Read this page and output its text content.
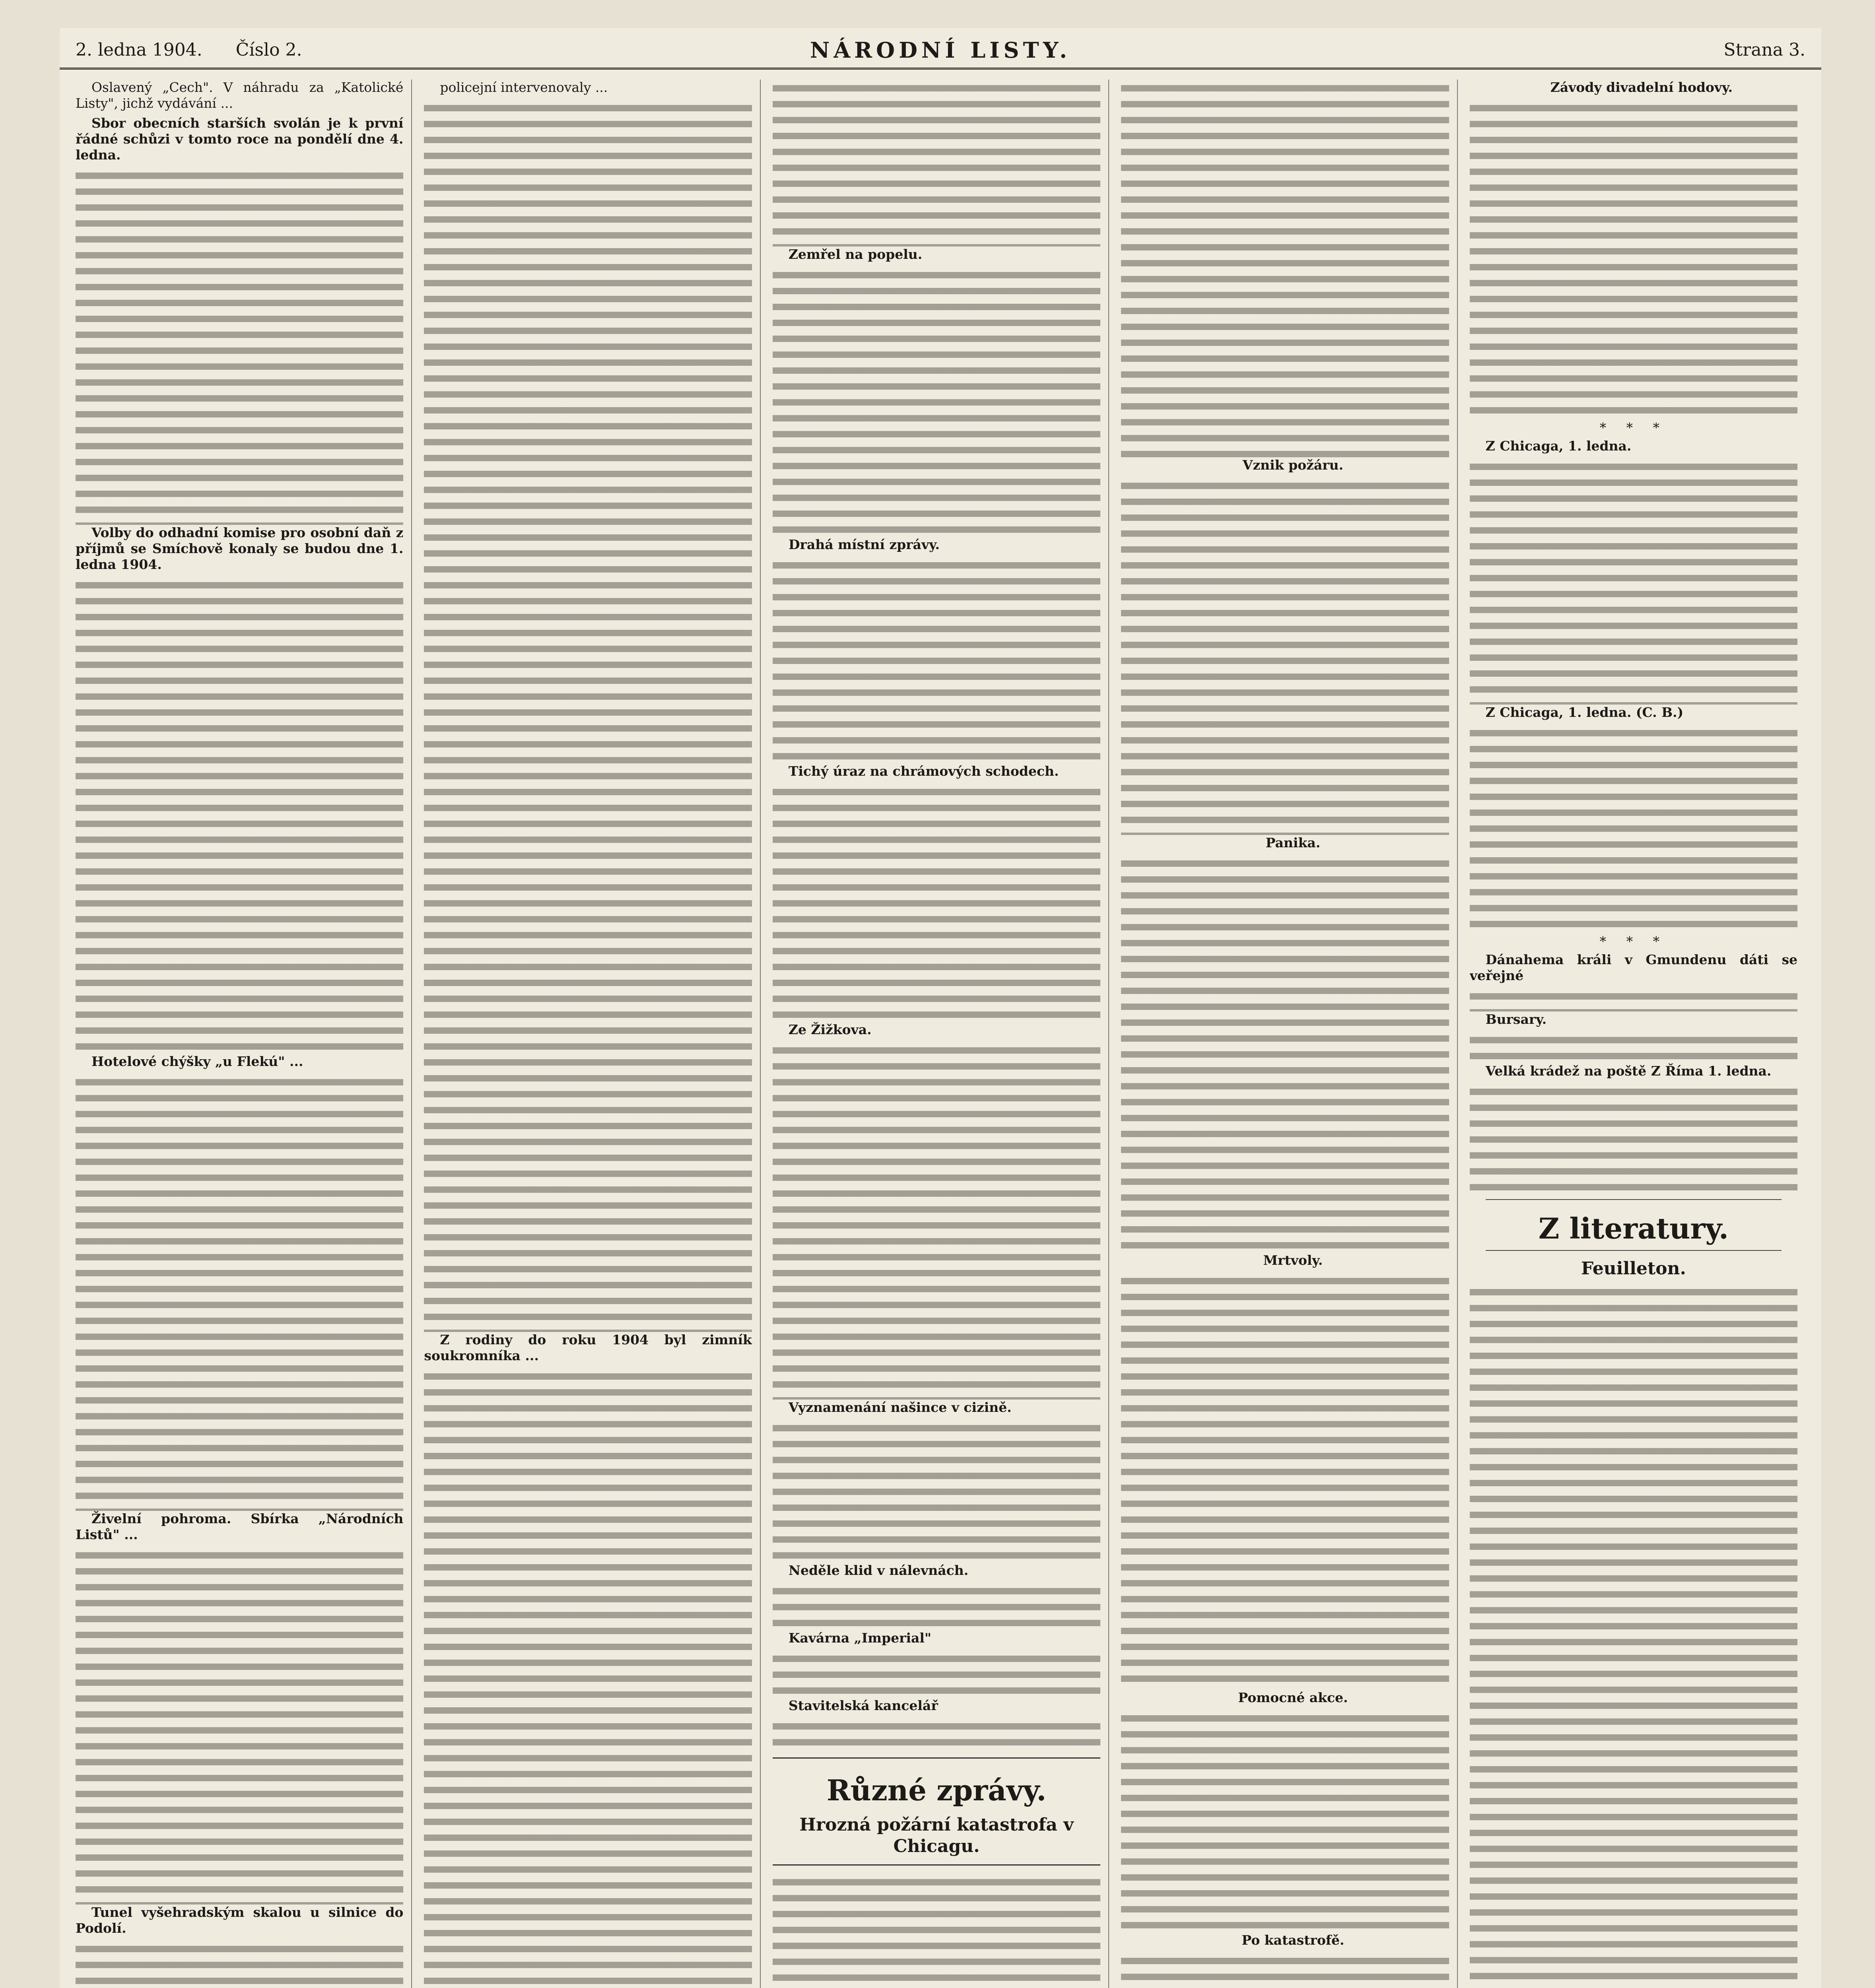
2. ledna 1904. Číslo 2.	NÁRODNÍ LISTY.	Strana 3.

Oslavený „Cech". V náhradu za „Katolické Listy", jichž vydávání ...

Sbor obecních starších svolán je k první řádné schůzi v tomto roce na pondělí dne 4. ledna.

Volby do odhadní komise pro osobní daň z příjmů se Smíchově konaly se budou dne 1. ledna 1904.

Hotelové chýšky „u Flekú" ...

Živelní pohroma. Sbírka „Národních Listů" ...

Tunel vyšehradským skalou u silnice do Podolí.

policejní intervenovaly ...

Z rodiny do roku 1904 byl zimník soukromníka ...

Zemřel na popelu.

Drahá místní zprávy.

Tichý úraz na chrámových schodech.

Ze Žižkova.

Vyznamenání našince v cizině.

Neděle klid v nálevnách.

Kavárna „Imperial"

Stavitelská kancelář

Různé zprávy.
Hrozná požární katastrofa v Chicagu.

Vznik požáru.

Panika.

Mrtvoly.

Pomocné akce.

Po katastrofě.

Závody divadelní hodovy.

* * *

Z Chicaga, 1. ledna.

Z Chicaga, 1. ledna. (C. B.)

* * *

Dánahema králi v Gmundenu dáti se veřejné

Bursary.

Velká krádež na poště Z Říma 1. ledna.

Z literatury.
Feuilleton.
